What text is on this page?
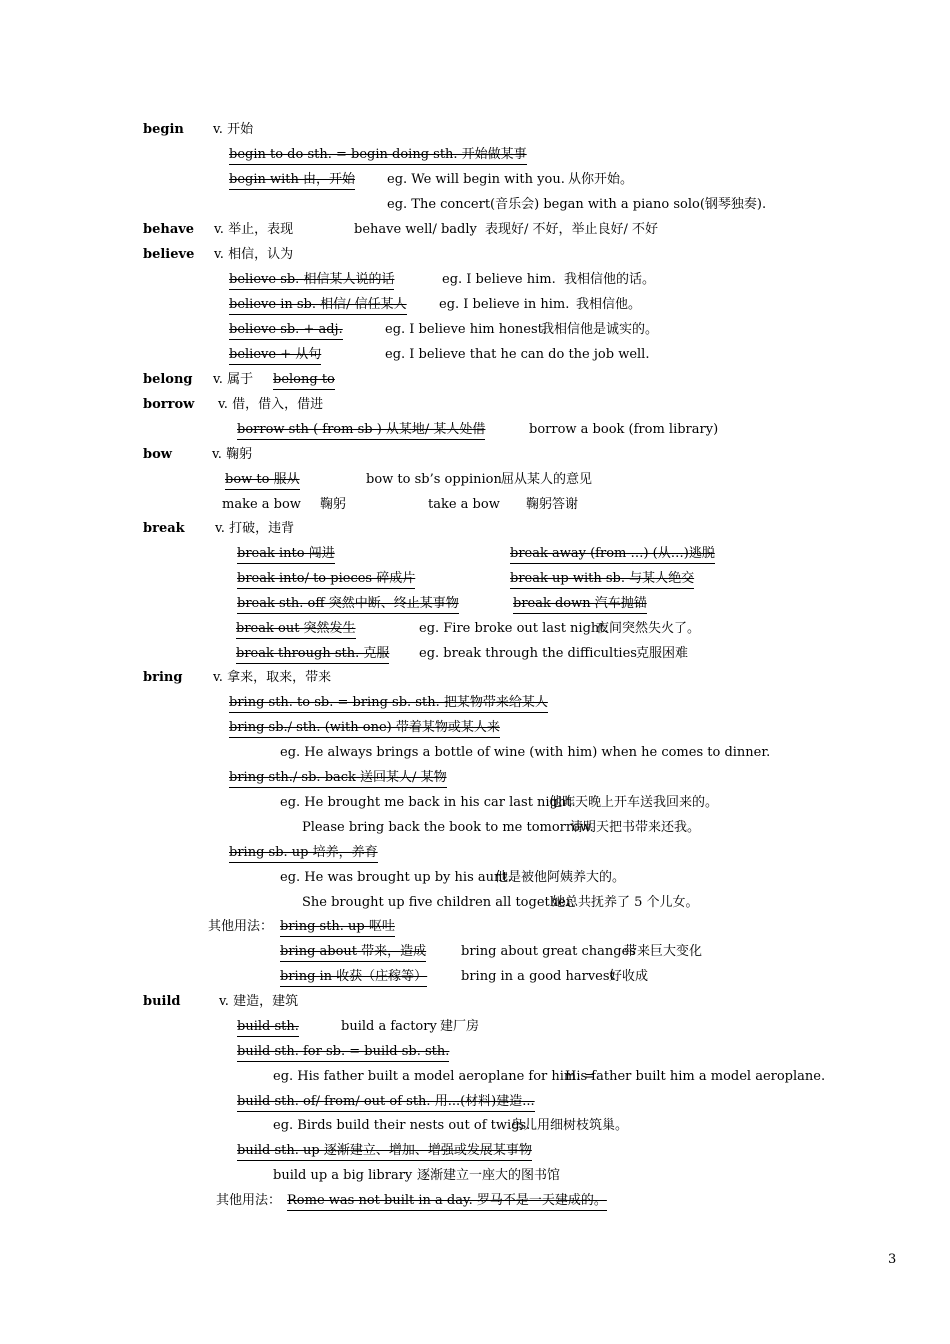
begin v. 开始
begin to do sth. = begin doing sth. 开始做某事
begin with 由，开始 eg. We will begin with you. 从你开始。
eg. The concert(音乐会) began with a piano solo(钢琴独奏).
behave v. 举止，表现	behave well/ badly 表现好/ 不好，举止良好/ 不好
believe v. 相信，认为
believe sb. 相信某人说的话	eg. I believe him. 我相信他的话。
believe in sb. 相信/ 信任某人 eg. I believe in him. 我相信他。
believe sb. + adj.	eg. I believe him honest.
我相信他是诚实的。
believe + 从句	eg. I believe that he can do the job well.
belong v. 属于 belong to
borrow v. 借，借入，借进
borrow sth ( from sb ) 从某地/ 某人处借	borrow a book (from library)
bow	v. 鞠躬
bow to 服从	bow to sb’s oppinion 屈从某人的意见
make a bow 鞠躬	take a bow 鞠躬答谢
break v. 打破，违背
break into 闯进	break away (from …) (从…)逃脱
break into/ to pieces 碎成片	break up with sb. 与某人绝交
break sth. off 突然中断、终止某事物	break down 汽车抛锚
break out 突然发生	eg. Fire broke out last night.
夜间突然失火了。
break through sth. 克服 eg. break through the difficulties 克服困难
bring v. 拿来，取来，带来
bring sth. to sb. = bring sb. sth. 把某物带来给某人
bring sb./ sth. (with one) 带着某物或某人来
eg. He always brings a bottle of wine (with him) when he comes to dinner.
bring sth./ sb. back 送回某人/ 某物
eg. He brought me back in his car last night.
他昨天晚上开车送我回来的。
Please bring back the book to me tomorrow.
请明天把书带来还我。
bring sb. up 培养，养育
eg. He was brought up by his aunt.
他是被他阿姨养大的。
She brought up five children all together.
她总共抚养了 5 个儿女。
其他用法： bring sth. up 呕吐
bring about 带来，造成	bring about great changes
带来巨大变化
bring in 收获（庄稼等）	bring in a good harvest
好收成
build	v. 建造，建筑
build sth.	build a factory 建厂房
build sth. for sb. = build sb. sth.
eg. His father built a model aeroplane for him. =
His father built him a model aeroplane.
build sth. of/ from/ out of sth. 用...(材料)建造...
eg. Birds build their nests out of twigs.
鸟儿用细树枝筑巢。
build sth. up 逐渐建立、增加、增强或发展某事物
build up a big library 逐渐建立一座大的图书馆
其他用法： Rome was not built in a day. 罗马不是一天建成的。
3
